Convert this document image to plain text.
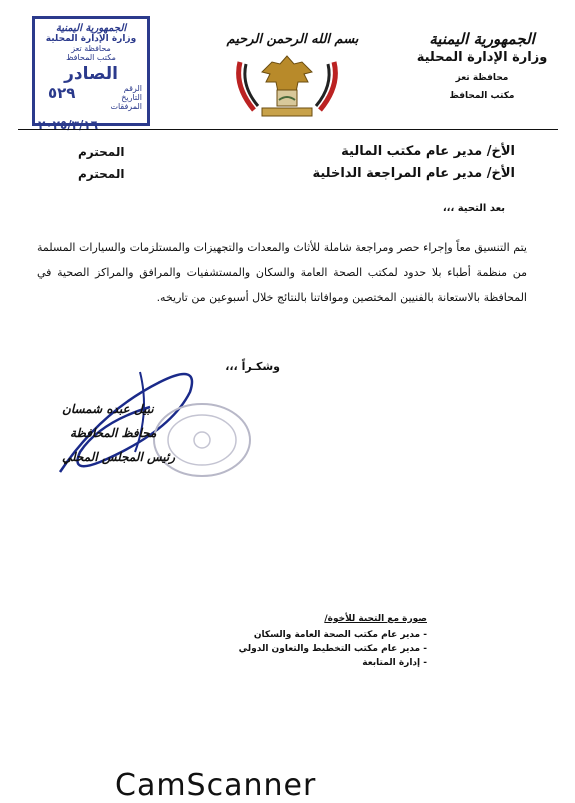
الجمهورية اليمنية
وزارة الإدارة المحلية
محافظة تعز
مكتب المحافظ
بسم الله الرحمن الرحيم
الجمهورية اليمنية
وزارة الإدارة المحلية
محافظة تعز
مكتب المحافظ
الصادر
الرقم
التاريخ
المرفقات
٥٢٩
٢٠٢٥/٣/١٦
الأخ/ مدير عام مكتب المالية
المحترم
الأخ/ مدير عام المراجعة الداخلية
المحترم
بعد التحية ،،،
يتم التنسيق معاً وإجراء حصر ومراجعة شاملة للأثاث والمعدات والتجهيزات والمستلزمات والسيارات المسلمة من منظمة أطباء بلا حدود لمكتب الصحة العامة والسكان والمستشفيات والمرافق والمراكز الصحية في المحافظة بالاستعانة بالفنيين المختصين وموافاتنا بالنتائج خلال أسبوعين من تاريخه.
وشكـراً ،،،
نبيل عبده شمسان
محافظ المحافظة
رئيس المجلس المحلي
صورة مع التحية للأخوة/
- مدير عام مكتب الصحة العامة والسكان
- مدير عام مكتب التخطيط والتعاون الدولي
- إدارة المتابعة
CamScanner
